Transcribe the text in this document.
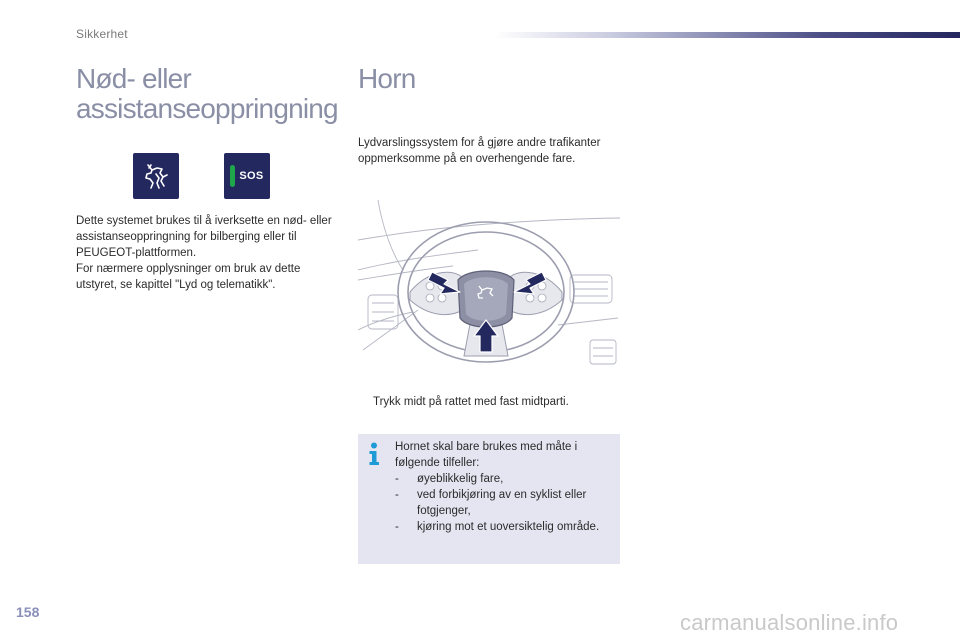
Sikkerhet
Nød- eller assistanseoppringning
SOS
Dette systemet brukes til å iverksette en nød- eller assistanseoppringning for bilberging eller til PEUGEOT-plattformen.
For nærmere opplysninger om bruk av dette utstyret, se kapittel "Lyd og telematikk".
Horn
Lydvarslingssystem for å gjøre andre trafikanter oppmerksomme på en overhengende fare.
Trykk midt på rattet med fast midtparti.
Hornet skal bare brukes med måte i følgende tilfeller:
-	øyeblikkelig fare,
-	ved forbikjøring av en syklist eller fotgjenger,
-	kjøring mot et uoversiktelig område.
158	carmanualsonline.info
